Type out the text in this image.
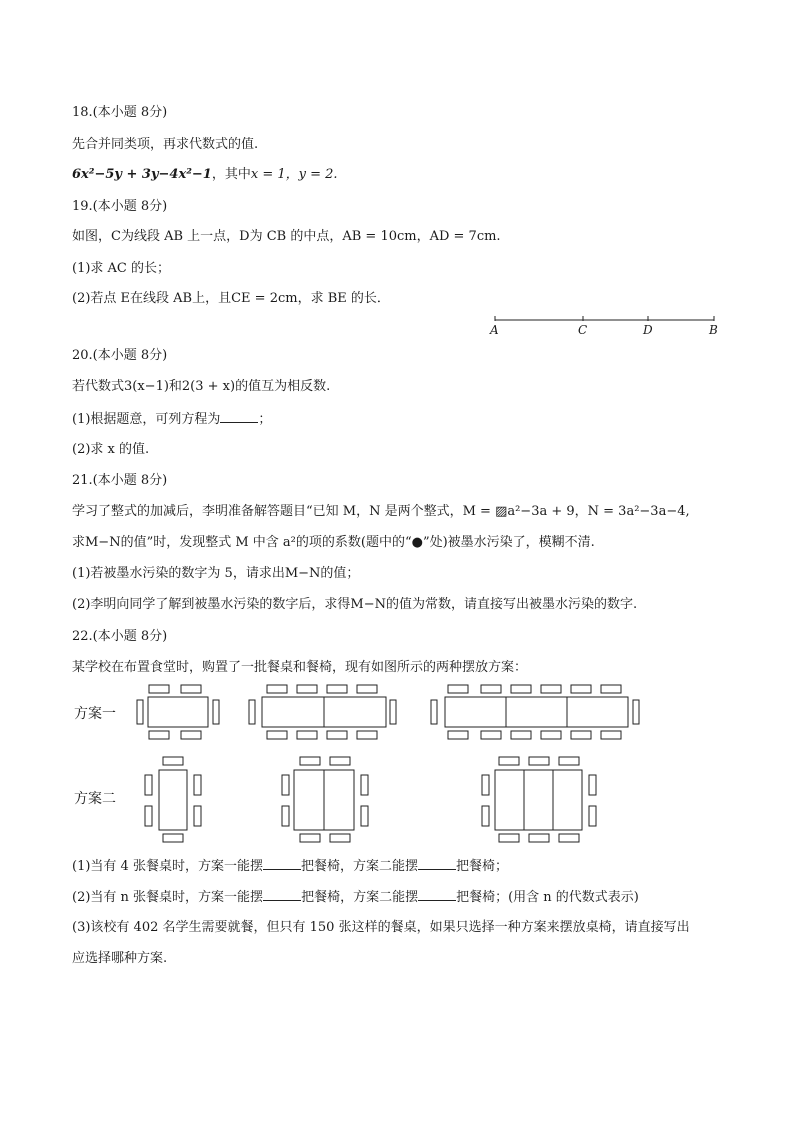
18.(本小题 8分)
先合并同类项，再求代数式的值.
6x²−5y + 3y−4x²−1，其中x = 1，y = 2.
19.(本小题 8分)
如图，C为线段 AB 上一点，D为 CB 的中点，AB = 10cm，AD = 7cm.
(1)求 AC 的长；
(2)若点 E在线段 AB上，且CE = 2cm，求 BE 的长．
A	C	D	B
20.(本小题 8分)
若代数式3(x−1)和2(3 + x)的值互为相反数.
(1)根据题意，可列方程为	；
(2)求 x 的值.
21.(本小题 8分)
学习了整式的加减后，李明准备解答题目“已知 M，N 是两个整式，M = ▨a²−3a + 9，N = 3a²−3a−4,
求M−N的值”时，发现整式 M 中含 a²的项的系数(题中的“●”处)被墨水污染了，模糊不清.
(1)若被墨水污染的数字为 5，请求出M−N的值；
(2)李明向同学了解到被墨水污染的数字后，求得M−N的值为常数，请直接写出被墨水污染的数字.
22.(本小题 8分)
某学校在布置食堂时，购置了一批餐桌和餐椅，现有如图所示的两种摆放方案：
方案一
方案二
(1)当有 4 张餐桌时，方案一能摆	把餐椅，方案二能摆	把餐椅；
(2)当有 n 张餐桌时，方案一能摆	把餐椅，方案二能摆	把餐椅；(用含 n 的代数式表示)
(3)该校有 402 名学生需要就餐，但只有 150 张这样的餐桌，如果只选择一种方案来摆放桌椅，请直接写出
应选择哪种方案.
